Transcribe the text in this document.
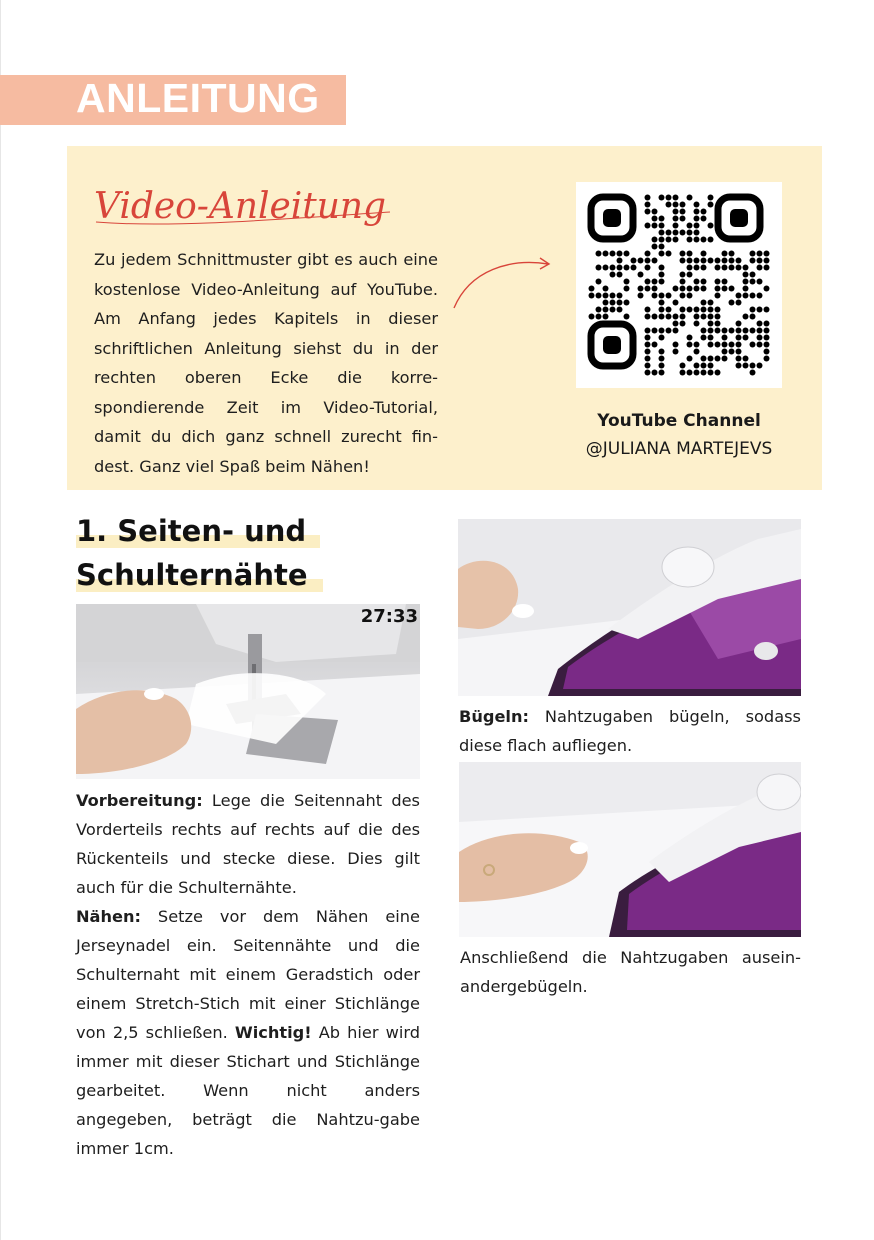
ANLEITUNG
Video-Anleitung
Zu jedem Schnittmuster gibt es auch eine kostenlose Video-Anleitung auf YouTube. Am Anfang jedes Kapitels in dieser schriftlichen Anleitung siehst du in der rechten oberen Ecke die korre-spondierende Zeit im Video-Tutorial, damit du dich ganz schnell zurecht fin-dest. Ganz viel Spaß beim Nähen!
YouTube Channel
@JULIANA MARTEJEVS
1. Seiten- und
Schulternähte
27:33

Vorbereitung: Lege die Seitennaht des Vorderteils rechts auf rechts auf die des Rückenteils und stecke diese. Dies gilt auch für die Schulternähte.

Nähen: Setze vor dem Nähen eine Jerseynadel ein. Seitennähte und die Schulternaht mit einem Geradstich oder einem Stretch-Stich mit einer Stichlänge von 2,5 schließen. Wichtig! Ab hier wird immer mit dieser Stichart und Stichlänge gearbeitet. Wenn nicht anders angegeben, beträgt die Nahtzu-gabe immer 1cm.

Bügeln: Nahtzugaben bügeln, sodass diese flach aufliegen.

Anschließend die Nahtzugaben ausein-andergebügeln.
